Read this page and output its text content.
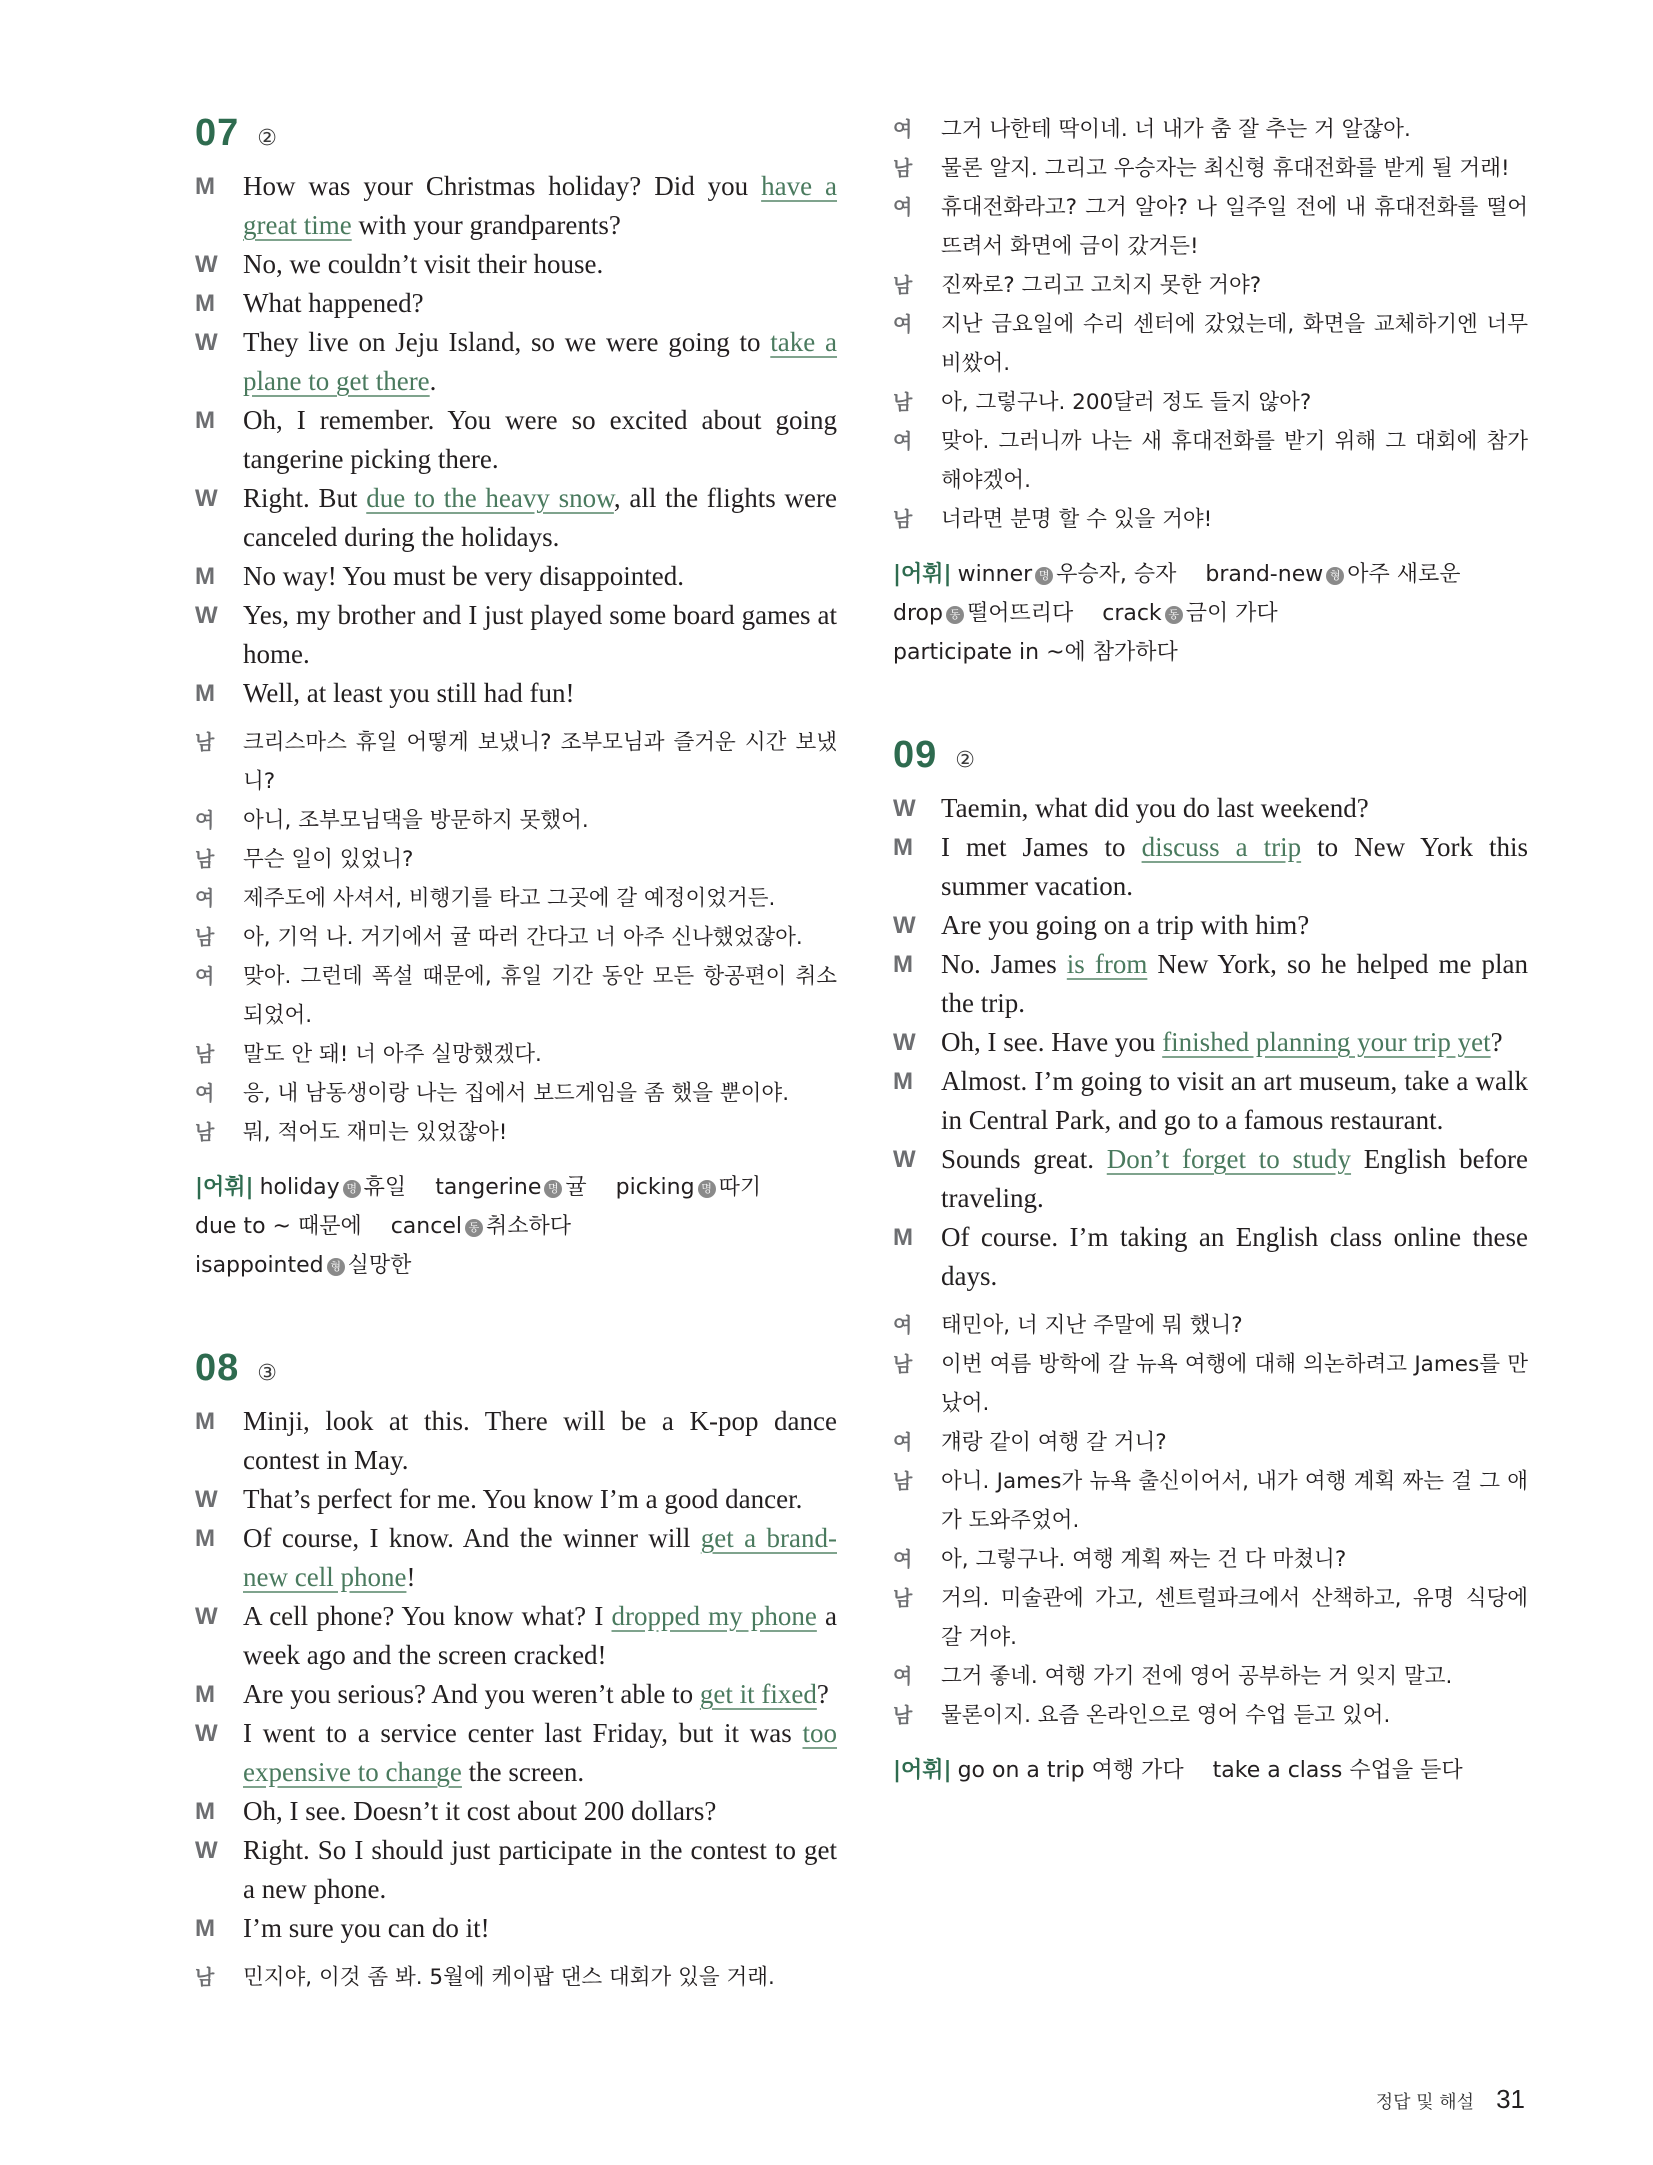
07 ②
M	How was your Christmas holiday? Did you have a great time with your grandparents?
W No, we couldn’t visit their house.
M	What happened?
W They live on Jeju Island, so we were going to take a plane to get there.
M	Oh, I remember. You were so excited about going tangerine picking there.
W Right. But due to the heavy snow, all the flights were canceled during the holidays.
M	No way! You must be very disappointed.
W Yes, my brother and I just played some board games at home.
M	Well, at least you still had fun!
남	크리스마스 휴일 어떻게 보냈니? 조부모님과 즐거운 시간 보냈니?
여	아니, 조부모님댁을 방문하지 못했어.
남	무슨 일이 있었니?
여	제주도에 사셔서, 비행기를 타고 그곳에 갈 예정이었거든.
남	아, 기억 나. 거기에서 귤 따러 간다고 너 아주 신나했었잖아.
여	맞아. 그런데 폭설 때문에, 휴일 기간 동안 모든 항공편이 취소되었어.
남	말도 안 돼! 너 아주 실망했겠다.
여	응, 내 남동생이랑 나는 집에서 보드게임을 좀 했을 뿐이야.
남	뭐, 적어도 재미는 있었잖아!
|어휘| holiday 명 휴일 tangerine 명 귤 picking 명 따기 due to ~ 때문에 cancel 동 취소하다 isappointed 형 실망한
08 ③
M	Minji, look at this. There will be a K-pop dance contest in May.
W That’s perfect for me. You know I’m a good dancer.
M	Of course, I know. And the winner will get a brand-new cell phone!
W A cell phone? You know what? I dropped my phone a week ago and the screen cracked!
M	Are you serious? And you weren’t able to get it fixed?
W I went to a service center last Friday, but it was too expensive to change the screen.
M	Oh, I see. Doesn’t it cost about 200 dollars?
W Right. So I should just participate in the contest to get a new phone.
M	I’m sure you can do it!
남	민지야, 이것 좀 봐. 5월에 케이팝 댄스 대회가 있을 거래.
여	그거 나한테 딱이네. 너 내가 춤 잘 추는 거 알잖아.
남	물론 알지. 그리고 우승자는 최신형 휴대전화를 받게 될 거래!
여	휴대전화라고? 그거 알아? 나 일주일 전에 내 휴대전화를 떨어뜨려서 화면에 금이 갔거든!
남	진짜로? 그리고 고치지 못한 거야?
여	지난 금요일에 수리 센터에 갔었는데, 화면을 교체하기엔 너무 비쌌어.
남	아, 그렇구나. 200달러 정도 들지 않아?
여	맞아. 그러니까 나는 새 휴대전화를 받기 위해 그 대회에 참가해야겠어.
남	너라면 분명 할 수 있을 거야!
|어휘| winner 명 우승자, 승자 brand-new 형 아주 새로운 drop 동 떨어뜨리다 crack 동 금이 가다 participate in ~에 참가하다
09 ②
W Taemin, what did you do last weekend?
M	I met James to discuss a trip to New York this summer vacation.
W Are you going on a trip with him?
M	No. James is from New York, so he helped me plan the trip.
W Oh, I see. Have you finished planning your trip yet?
M	Almost. I’m going to visit an art museum, take a walk in Central Park, and go to a famous restaurant.
W Sounds great. Don’t forget to study English before traveling.
M	Of course. I’m taking an English class online these days.
여	태민아, 너 지난 주말에 뭐 했니?
남	이번 여름 방학에 갈 뉴욕 여행에 대해 의논하려고 James를 만났어.
여	걔랑 같이 여행 갈 거니?
남	아니. James가 뉴욕 출신이어서, 내가 여행 계획 짜는 걸 그 애가 도와주었어.
여	아, 그렇구나. 여행 계획 짜는 건 다 마쳤니?
남	거의. 미술관에 가고, 센트럴파크에서 산책하고, 유명 식당에 갈 거야.
여	그거 좋네. 여행 가기 전에 영어 공부하는 거 잊지 말고.
남	물론이지. 요즘 온라인으로 영어 수업 듣고 있어.
|어휘| go on a trip 여행 가다 take a class 수업을 듣다
정답 및 해설 31
